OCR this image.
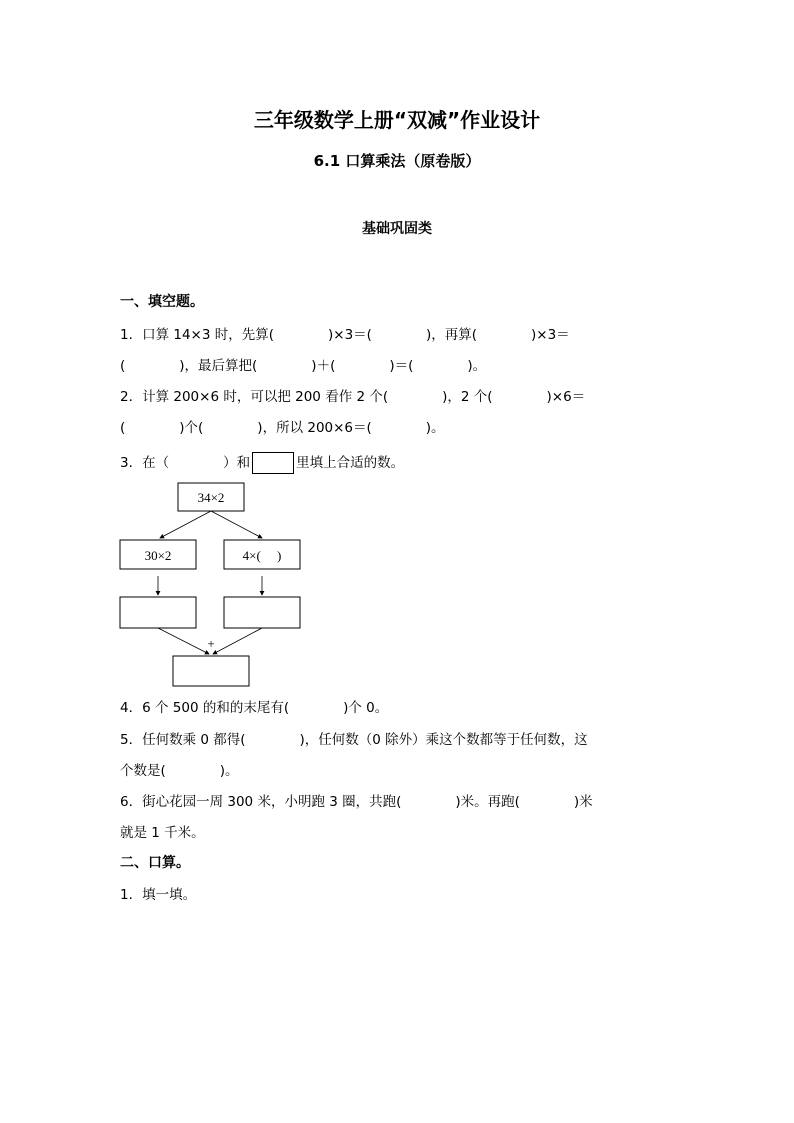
三年级数学上册“双减”作业设计
6.1 口算乘法（原卷版）
基础巩固类
一、填空题。
1．口算 14×3 时，先算(　　　　)×3＝(　　　　)，再算(　　　　)×3＝
(　　　　)，最后算把(　　　　)＋(　　　　)＝(　　　　)。
2．计算 200×6 时，可以把 200 看作 2 个(　　　　)，2 个(　　　　)×6＝
(　　　　)个(　　　　)，所以 200×6＝(　　　　)。
3．在（　　　　）和	里填上合适的数。
34×2
30×2	4×(　 )
+
4．6 个 500 的和的末尾有(　　　　)个 0。
5．任何数乘 0 都得(　　　　)，任何数（0 除外）乘这个数都等于任何数，这
个数是(　　　　)。
6．街心花园一周 300 米，小明跑 3 圈，共跑(　　　　)米。再跑(　　　　)米
就是 1 千米。
二、口算。
1．填一填。
